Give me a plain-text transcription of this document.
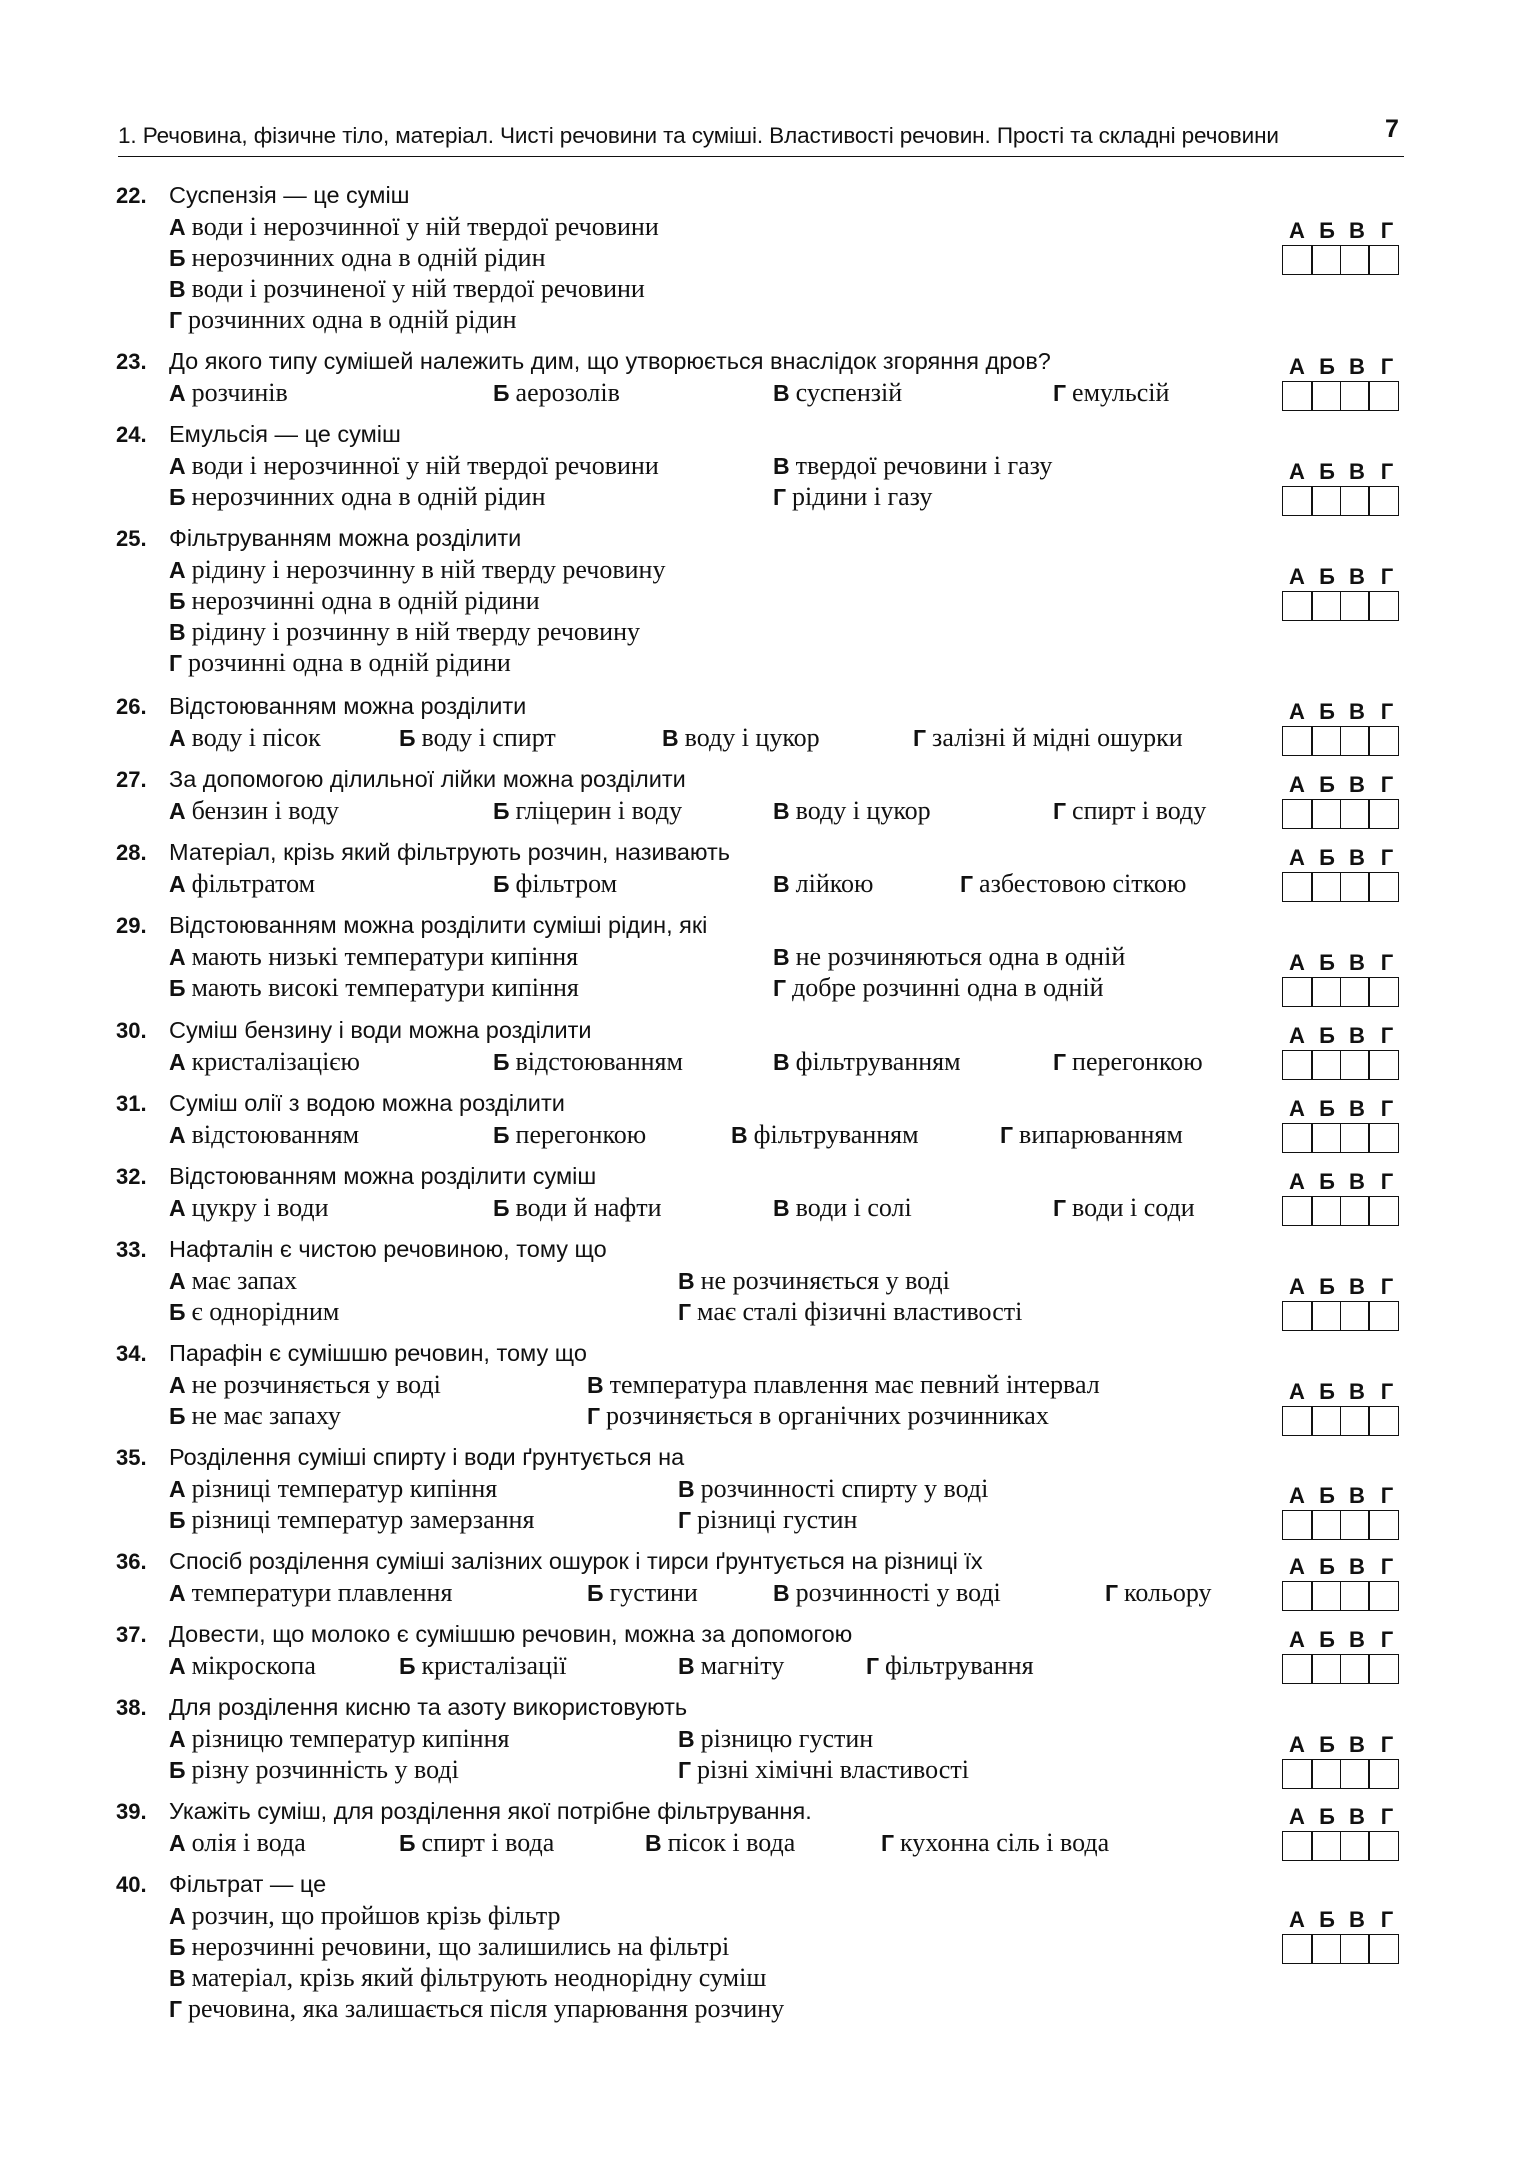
1. Речовина, фізичне тіло, матеріал. Чисті речовини та суміші. Властивості речовин. Прості та складні речовини	7
22. Суспензія — це суміш
А води і нерозчинної у ній твердої речовини
Б нерозчинних одна в одній рідин
В води і розчиненої у ній твердої речовини
Г розчинних одна в одній рідин
А Б В Г
23. До якого типу сумішей належить дим, що утворюється внаслідок згоряння дров?
А розчинів	Б аерозолів	В суспензій	Г емульсій
А Б В Г
24. Емульсія — це суміш
А води і нерозчинної у ній твердої речовини	В твердої речовини і газу
Б нерозчинних одна в одній рідин	Г рідини і газу
А Б В Г
25. Фільтруванням можна розділити
А рідину і нерозчинну в ній тверду речовину
Б нерозчинні одна в одній рідини
В рідину і розчинну в ній тверду речовину
Г розчинні одна в одній рідини
А Б В Г
26. Відстоюванням можна розділити
А воду і пісок	Б воду і спирт	В воду і цукор	Г залізні й мідні ошурки
А Б В Г
27. За допомогою ділильної лійки можна розділити
А бензин і воду	Б гліцерин і воду	В воду і цукор	Г спирт і воду
А Б В Г
28. Матеріал, крізь який фільтрують розчин, називають
А фільтратом	Б фільтром	В лійкою	Г азбестовою сіткою
А Б В Г
29. Відстоюванням можна розділити суміші рідин, які
А мають низькі температури кипіння	В не розчиняються одна в одній
Б мають високі температури кипіння	Г добре розчинні одна в одній
А Б В Г
30. Суміш бензину і води можна розділити
А кристалізацією	Б відстоюванням	В фільтруванням	Г перегонкою
А Б В Г
31. Суміш олії з водою можна розділити
А відстоюванням	Б перегонкою	В фільтруванням	Г випарюванням
А Б В Г
32. Відстоюванням можна розділити суміш
А цукру і води	Б води й нафти	В води і солі	Г води і соди
А Б В Г
33. Нафталін є чистою речовиною, тому що
А має запах	В не розчиняється у воді
Б є однорідним	Г має сталі фізичні властивості
А Б В Г
34. Парафін є сумішшю речовин, тому що
А не розчиняється у воді	В температура плавлення має певний інтервал
Б не має запаху	Г розчиняється в органічних розчинниках
А Б В Г
35. Розділення суміші спирту і води ґрунтується на
А різниці температур кипіння	В розчинності спирту у воді
Б різниці температур замерзання	Г різниці густин
А Б В Г
36. Спосіб розділення суміші залізних ошурок і тирси ґрунтується на різниці їх
А температури плавлення	Б густини	В розчинності у воді	Г кольору
А Б В Г
37. Довести, що молоко є сумішшю речовин, можна за допомогою
А мікроскопа	Б кристалізації	В магніту	Г фільтрування
А Б В Г
38. Для розділення кисню та азоту використовують
А різницю температур кипіння	В різницю густин
Б різну розчинність у воді	Г різні хімічні властивості
А Б В Г
39. Укажіть суміш, для розділення якої потрібне фільтрування.
А олія і вода	Б спирт і вода	В пісок і вода	Г кухонна сіль і вода
А Б В Г
40. Фільтрат — це
А розчин, що пройшов крізь фільтр
Б нерозчинні речовини, що залишились на фільтрі
В матеріал, крізь який фільтрують неоднорідну суміш
Г речовина, яка залишається після упарювання розчину
А Б В Г
